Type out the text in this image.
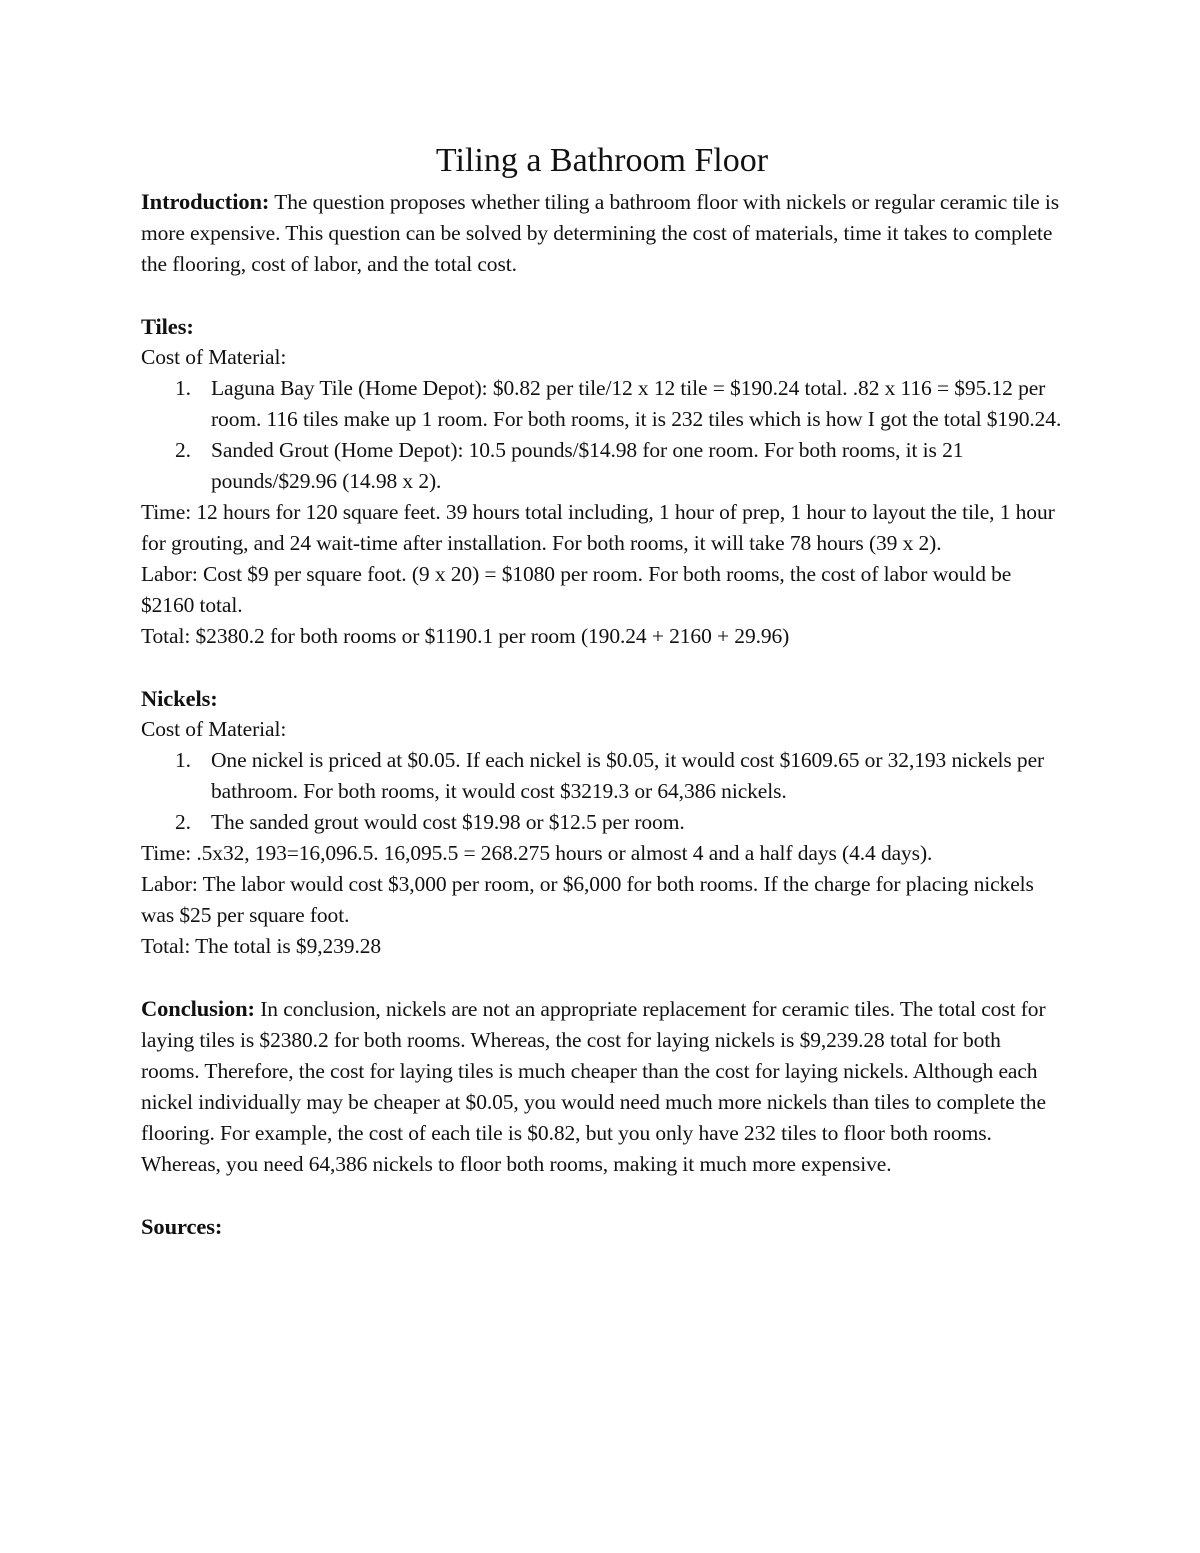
Tiling a Bathroom Floor

Introduction: The question proposes whether tiling a bathroom floor with nickels or regular ceramic tile is more expensive. This question can be solved by determining the cost of materials, time it takes to complete the flooring, cost of labor, and the total cost.

Tiles:

Cost of Material:

1. Laguna Bay Tile (Home Depot): $0.82 per tile/12 x 12 tile = $190.24 total. .82 x 116 = $95.12 per room. 116 tiles make up 1 room. For both rooms, it is 232 tiles which is how I got the total $190.24.
2. Sanded Grout (Home Depot): 10.5 pounds/$14.98 for one room. For both rooms, it is 21 pounds/$29.96 (14.98 x 2).

Time: 12 hours for 120 square feet. 39 hours total including, 1 hour of prep, 1 hour to layout the tile, 1 hour for grouting, and 24 wait-time after installation. For both rooms, it will take 78 hours (39 x 2).

Labor: Cost $9 per square foot. (9 x 20) = $1080 per room. For both rooms, the cost of labor would be $2160 total.

Total: $2380.2 for both rooms or $1190.1 per room (190.24 + 2160 + 29.96)

Nickels:

Cost of Material:

1. One nickel is priced at $0.05. If each nickel is $0.05, it would cost $1609.65 or 32,193 nickels per bathroom. For both rooms, it would cost $3219.3 or 64,386 nickels.
2. The sanded grout would cost $19.98 or $12.5 per room.

Time: .5x32, 193=16,096.5. 16,095.5 = 268.275 hours or almost 4 and a half days (4.4 days).

Labor: The labor would cost $3,000 per room, or $6,000 for both rooms. If the charge for placing nickels was $25 per square foot.

Total: The total is $9,239.28

Conclusion: In conclusion, nickels are not an appropriate replacement for ceramic tiles. The total cost for laying tiles is $2380.2 for both rooms. Whereas, the cost for laying nickels is $9,239.28 total for both rooms. Therefore, the cost for laying tiles is much cheaper than the cost for laying nickels. Although each nickel individually may be cheaper at $0.05, you would need much more nickels than tiles to complete the flooring. For example, the cost of each tile is $0.82, but you only have 232 tiles to floor both rooms. Whereas, you need 64,386 nickels to floor both rooms, making it much more expensive.

Sources:
